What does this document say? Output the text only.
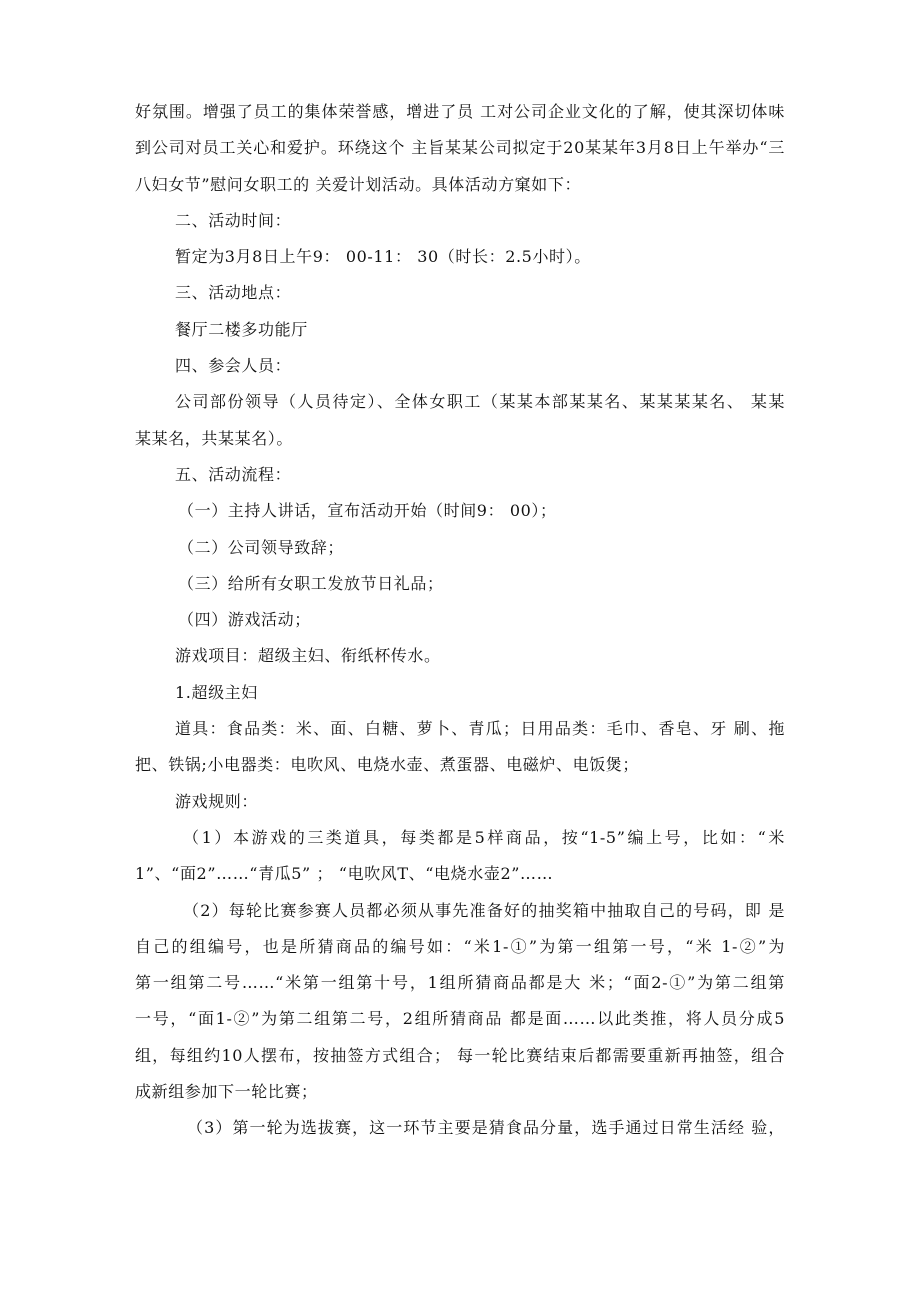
好氛围。增强了员工的集体荣誉感，增进了员 工对公司企业文化的了解，使其深切体味
到公司对员工关心和爱护。环绕这个 主旨某某公司拟定于20某某年3月8日上午举办“三
八妇女节”慰问女职工的 关爱计划活动。具体活动方窠如下：
二、活动时间：
暂定为3月8日上午9： 00-11： 30（时长：2.5小时）。
三、活动地点：
餐厅二楼多功能厅
四、参会人员：
公司部份领导（人员待定）、全体女职工（某某本部某某名、某某某某名、 某某
某某名，共某某名）。
五、活动流程：
（一）主持人讲话，宣布活动开始（时间9： 00）；
（二）公司领导致辞；
（三）给所有女职工发放节日礼品；
（四）游戏活动；
游戏项目：超级主妇、衔纸杯传水。
1.超级主妇
道具：食品类：米、面、白糖、萝卜、青瓜；日用品类：毛巾、香皂、牙 刷、拖
把、铁锅;小电器类：电吹风、电烧水壶、煮蛋器、电磁炉、电饭煲；
游戏规则：
（1）本游戏的三类道具，每类都是5样商品，按“1-5”编上号，比如：“米
1”、“面2”……“青瓜5” ； “电吹风T、“电烧水壶2”……
（2）每轮比赛参赛人员都必须从事先准备好的抽奖箱中抽取自己的号码，即 是
自己的组编号，也是所猜商品的编号如：“米1-①”为第一组第一号，“米 1-②”为
第一组第二号……“米第一组第十号，1组所猜商品都是大 米；“面2-①”为第二组第
一号，“面1-②”为第二组第二号，2组所猜商品 都是面……以此类推，将人员分成5
组，每组约10人摆布，按抽签方式组合； 每一轮比赛结束后都需要重新再抽签，组合
成新组参加下一轮比赛；
（3）第一轮为选拔赛，这一环节主要是猜食品分量，选手通过日常生活经 验，
